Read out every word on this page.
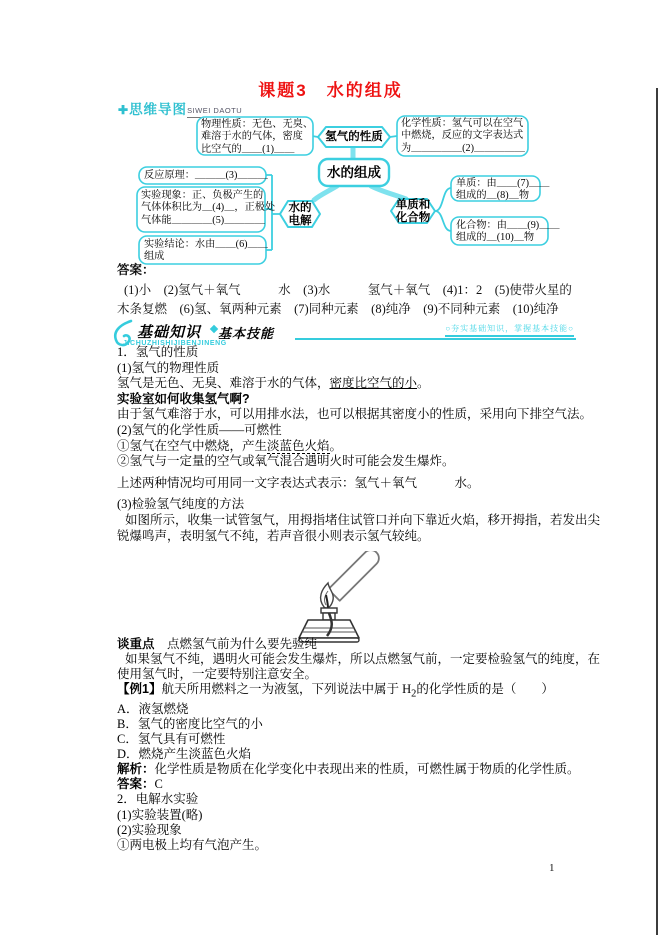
课题3　水的组成
✚思维导图SIWEI DAOTU
物理性质：无色、无臭、
难溶于水的气体，密度
比空气的＿＿(1)＿＿
化学性质：氢气可以在空气
中燃烧，反应的文字表达式
为＿＿＿＿＿(2)＿＿＿＿＿
氢气的性质
水的组成
反应原理：＿＿＿(3)＿＿＿
实验现象：正、负极产生的
气体体积比为＿(4)＿，正极处
气体能＿＿＿＿(5)＿＿＿＿
实验结论：水由＿＿(6)＿＿
组成
水的
电解
单质和
化合物
单质：由＿＿(7)＿＿
组成的＿(8)＿物
化合物：由＿＿(9)＿＿
组成的＿(10)＿物
答案：
(1)小　(2)氢气＋氧气　　　水　(3)水　　　氢气＋氧气　(4)1：2　(5)使带火星的
木条复燃　(6)氢、氧两种元素　(7)同种元素　(8)纯净　(9)不同种元素　(10)纯净
基础知识 基本技能	○夯实基础知识，掌握基本技能○
JICHUZHISHIJIBENJINENG
1．氢气的性质
(1)氢气的物理性质
氢气是无色、无臭、难溶于水的气体，密度比空气的小。
实验室如何收集氢气啊?
由于氢气难溶于水，可以用排水法，也可以根据其密度小的性质，采用向下排空气法。
(2)氢气的化学性质——可燃性
①氢气在空气中燃烧，产生淡蓝色火焰。
②氢气与一定量的空气或氧气混合遇明火时可能会发生爆炸。
上述两种情况均可用同一文字表达式表示：氢气＋氧气　　　水。
(3)检验氢气纯度的方法
如图所示，收集一试管氢气，用拇指堵住试管口并向下靠近火焰，移开拇指，若发出尖
锐爆鸣声，表明氢气不纯，若声音很小则表示氢气较纯。
谈重点　 点燃氢气前为什么要先验纯
如果氢气不纯，遇明火可能会发生爆炸，所以点燃氢气前，一定要检验氢气的纯度，在
使用氢气时，一定要特别注意安全。
【例1】航天所用燃料之一为液氢，下列说法中属于 $H_2$的化学性质的是（　　）
A．液氢燃烧
B．氢气的密度比空气的小
C．氢气具有可燃性
D．燃烧产生淡蓝色火焰
解析：化学性质是物质在化学变化中表现出来的性质，可燃性属于物质的化学性质。
答案：C
2．电解水实验
(1)实验装置(略)
(2)实验现象
①两电极上均有气泡产生。
1
